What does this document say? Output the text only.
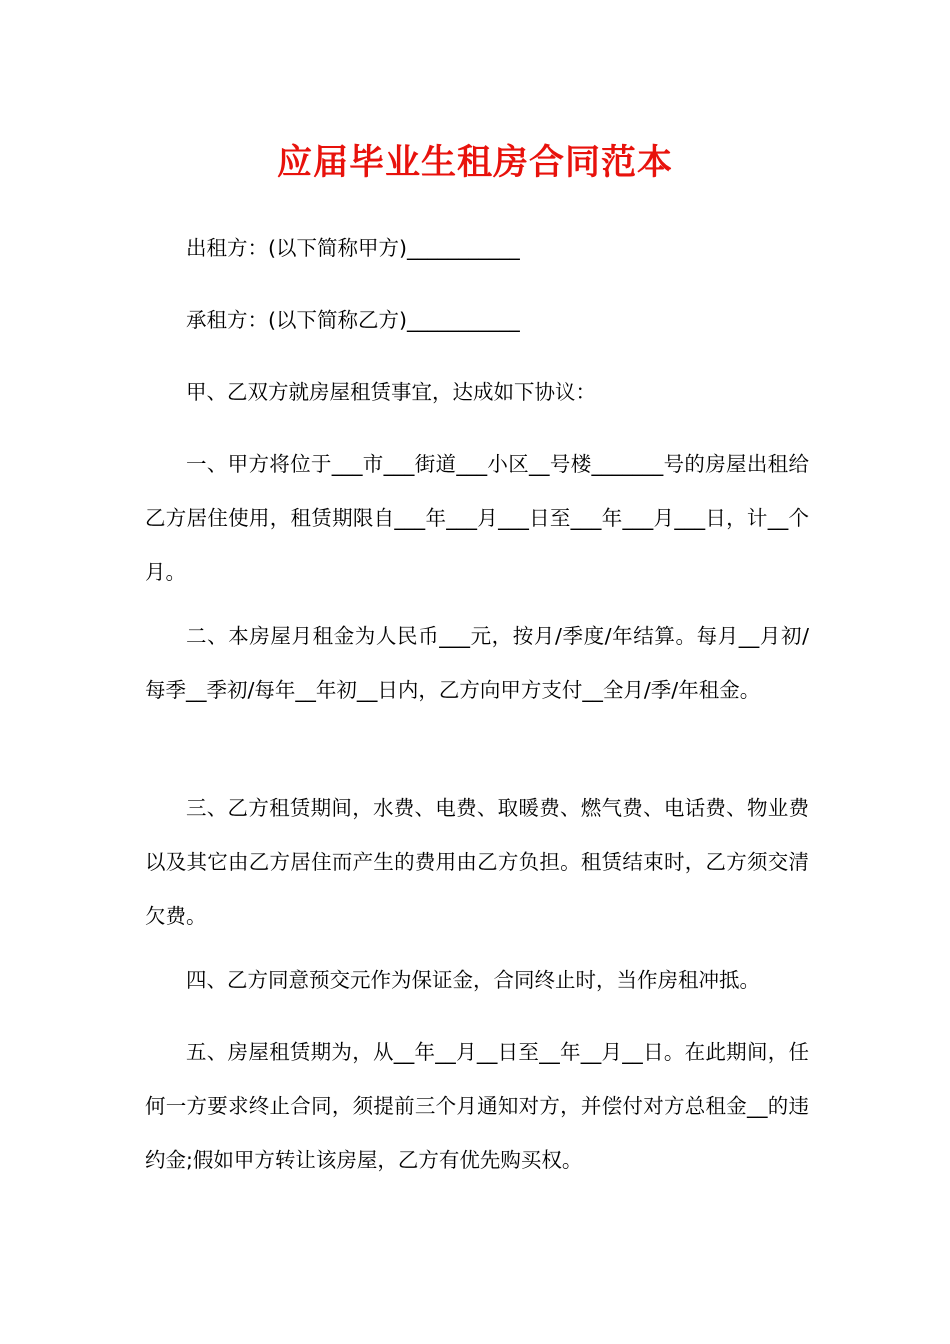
应届毕业生租房合同范本

出租方：(以下简称甲方)___________

承租方：(以下简称乙方)___________

甲、乙双方就房屋租赁事宜，达成如下协议：

一、甲方将位于___市___街道___小区__号楼_______号的房屋出租给乙方居住使用，租赁期限自___年___月___日至___年___月___日，计__个月。

二、本房屋月租金为人民币___元，按月/季度/年结算。每月__月初/每季__季初/每年__年初__日内，乙方向甲方支付__全月/季/年租金。

三、乙方租赁期间，水费、电费、取暖费、燃气费、电话费、物业费以及其它由乙方居住而产生的费用由乙方负担。租赁结束时，乙方须交清欠费。

四、乙方同意预交元作为保证金，合同终止时，当作房租冲抵。

五、房屋租赁期为，从__年__月__日至__年__月__日。在此期间，任何一方要求终止合同，须提前三个月通知对方，并偿付对方总租金__的违约金;假如甲方转让该房屋，乙方有优先购买权。
